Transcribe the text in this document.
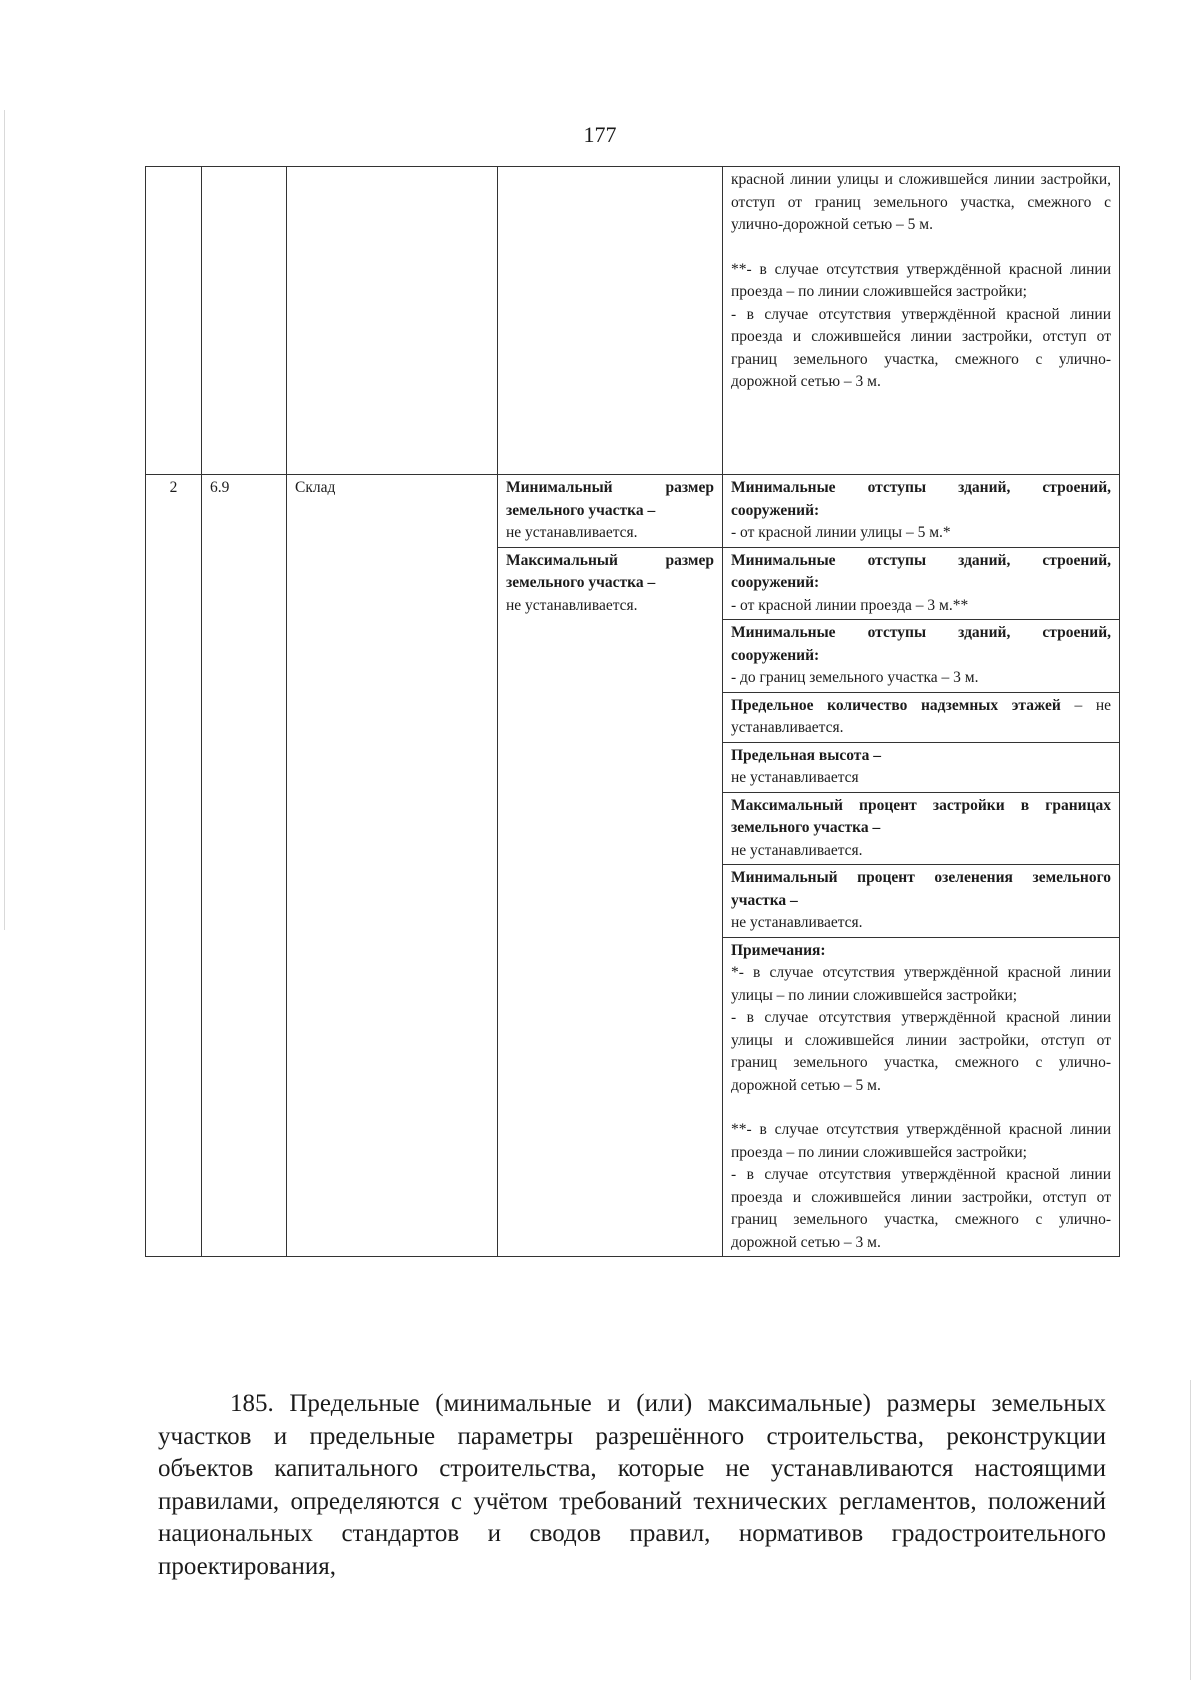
177

				красной линии улицы и сложившейся линии застройки, отступ от границ земельного участка, смежного с улично-дорожной сетью – 5 м.
**- в случае отсутствия утверждённой красной линии проезда – по линии сложившейся застройки;
- в случае отсутствия утверждённой красной линии проезда и сложившейся линии застройки, отступ от границ земельного участка, смежного с улично-дорожной сетью – 3 м.

2	6.9	Склад	Минимальный размер земельного участка –
не устанавливается.	Минимальные отступы зданий, строений, сооружений:
- от красной линии улицы – 5 м.*
			Максимальный размер земельного участка –
не устанавливается.	Минимальные отступы зданий, строений, сооружений:
- от красной линии проезда – 3 м.**
				Минимальные отступы зданий, строений, сооружений:
- до границ земельного участка – 3 м.
				Предельное количество надземных этажей – не устанавливается.
				Предельная высота –
не устанавливается
				Максимальный процент застройки в границах земельного участка –
не устанавливается.
				Минимальный процент озеленения земельного участка –
не устанавливается.

				Примечания:
*- в случае отсутствия утверждённой красной линии улицы – по линии сложившейся застройки;
- в случае отсутствия утверждённой красной линии улицы и сложившейся линии застройки, отступ от границ земельного участка, смежного с улично-дорожной сетью – 5 м.
**- в случае отсутствия утверждённой красной линии проезда – по линии сложившейся застройки;
- в случае отсутствия утверждённой красной линии проезда и сложившейся линии застройки, отступ от границ земельного участка, смежного с улично-дорожной сетью – 3 м.

185. Предельные (минимальные и (или) максимальные) размеры земельных участков и предельные параметры разрешённого строительства, реконструкции объектов капитального строительства, которые не устанавливаются настоящими правилами, определяются с учётом требований технических регламентов, положений национальных стандартов и сводов правил, нормативов градостроительного проектирования,
